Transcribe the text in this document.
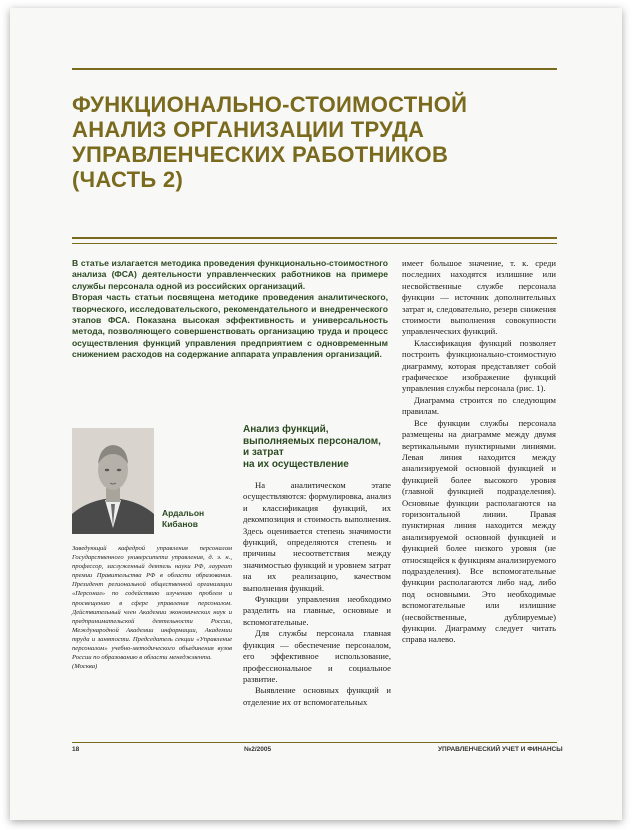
ФУНКЦИОНАЛЬНО-СТОИМОСТНОЙ
АНАЛИЗ ОРГАНИЗАЦИИ ТРУДА
УПРАВЛЕНЧЕСКИХ РАБОТНИКОВ
(ЧАСТЬ 2)

В статье излагается методика проведения функционально-стоимостного анализа (ФСА) деятельности управленческих работников на примере службы персонала одной из российских организаций.

Вторая часть статьи посвящена методике проведения аналитического, творческого, исследовательского, рекомендательного и внедренческого этапов ФСА. Показана высокая эффективность и универсальность метода, позволяющего совершенствовать организацию труда и процесс осуществления функций управления предприятием с одновременным снижением расходов на содержание аппарата управления организаций.

Ардальон
Кибанов

Заведующий кафедрой управления персоналом Государственного университета управления, д. э. н., профессор, заслуженный деятель науки РФ, лауреат премии Правительства РФ в области образования. Президент региональной общественной организации «Персонал» по содействию изучению проблем и просвещению в сфере управления персоналом. Действительный член Академии экономических наук и предпринимательской деятельности России, Международной Академии информации, Академии труда и занятости. Председатель секции «Управление персоналом» учебно-методического объединения вузов России по образованию в области менеджмента.

(Москва)

Анализ функций,
выполняемых персоналом,
и затрат
на их осуществление

На аналитическом этапе осуществляются: формулировка, анализ и классификация функций, их декомпозиция и стоимость выполнения. Здесь оценивается степень значимости функций, определяются степень и причины несоответствия между значимостью функций и уровнем затрат на их реализацию, качеством выполнения функций.

Функции управления необходимо разделить на главные, основные и вспомогательные.

Для службы персонала главная функция — обеспечение персоналом, его эффективное использование, профессиональное и социальное развитие.

Выявление основных функций и отделение их от вспомогательных

имеет большое значение, т. к. среди последних находятся излишние или несвойственные службе персонала функции — источник дополнительных затрат и, следовательно, резерв снижения стоимости выполнения совокупности управленческих функций.

Классификация функций позволяет построить функционально-стоимостную диаграмму, которая представляет собой графическое изображение функций управления службы персонала (рис. 1).

Диаграмма строится по следующим правилам.

Все функции службы персонала размещены на диаграмме между двумя вертикальными пунктирными линиями. Левая линия находится между анализируемой основной функцией и функцией более высокого уровня (главной функцией подразделения). Основные функции располагаются на горизонтальной линии. Правая пунктирная линия находится между анализируемой основной функцией и функцией более низкого уровня (не относящейся к функциям анализируемого подразделения). Все вспомогательные функции располагаются либо над, либо под основными. Это необходимые вспомогательные или излишние (несвойственные, дублируемые) функции. Диаграмму следует читать справа налево.

18	№2/2005	УПРАВЛЕНЧЕСКИЙ УЧЕТ И ФИНАНСЫ
